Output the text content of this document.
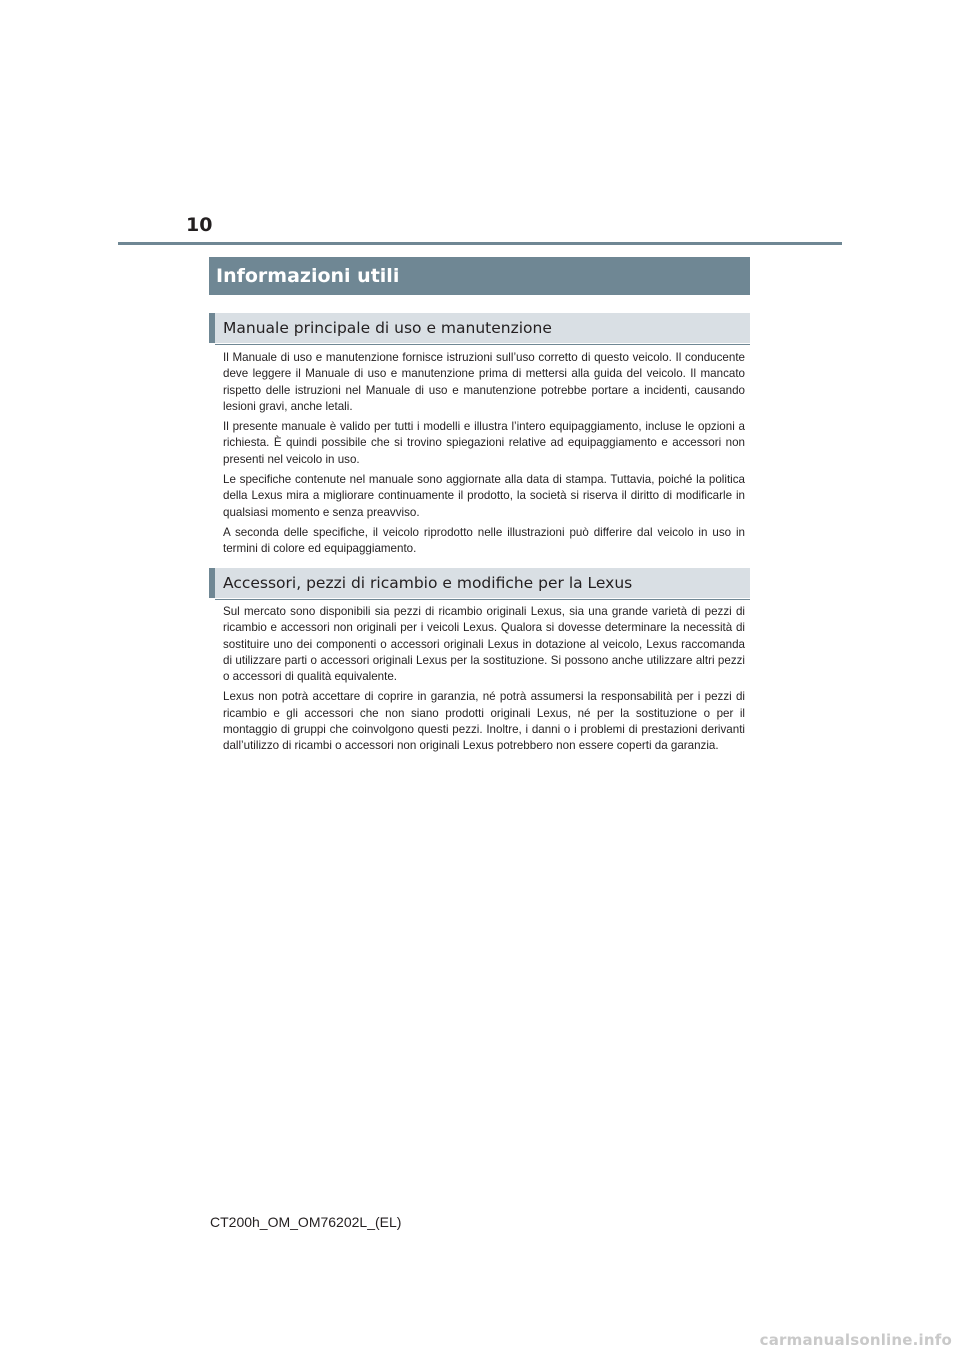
10
Informazioni utili
Manuale principale di uso e manutenzione

Il Manuale di uso e manutenzione fornisce istruzioni sull’uso corretto di questo veicolo. Il conducente deve leggere il Manuale di uso e manutenzione prima di mettersi alla guida del veicolo. Il mancato rispetto delle istruzioni nel Manuale di uso e manutenzione potrebbe portare a incidenti, causando lesioni gravi, anche letali.

Il presente manuale è valido per tutti i modelli e illustra l’intero equipaggiamento, incluse le opzioni a richiesta. È quindi possibile che si trovino spiegazioni relative ad equipaggiamento e accessori non presenti nel veicolo in uso.

Le specifiche contenute nel manuale sono aggiornate alla data di stampa. Tuttavia, poiché la politica della Lexus mira a migliorare continuamente il prodotto, la società si riserva il diritto di modificarle in qualsiasi momento e senza preavviso.

A seconda delle specifiche, il veicolo riprodotto nelle illustrazioni può differire dal veicolo in uso in termini di colore ed equipaggiamento.

Accessori, pezzi di ricambio e modifiche per la Lexus

Sul mercato sono disponibili sia pezzi di ricambio originali Lexus, sia una grande varietà di pezzi di ricambio e accessori non originali per i veicoli Lexus. Qualora si dovesse determinare la necessità di sostituire uno dei componenti o accessori originali Lexus in dotazione al veicolo, Lexus raccomanda di utilizzare parti o accessori originali Lexus per la sostituzione. Si possono anche utilizzare altri pezzi o accessori di qualità equivalente.

Lexus non potrà accettare di coprire in garanzia, né potrà assumersi la responsabilità per i pezzi di ricambio e gli accessori che non siano prodotti originali Lexus, né per la sostituzione o per il montaggio di gruppi che coinvolgono questi pezzi. Inoltre, i danni o i problemi di prestazioni derivanti dall’utilizzo di ricambi o accessori non originali Lexus potrebbero non essere coperti da garanzia.

CT200h_OM_OM76202L_(EL)
carmanualsonline.info
